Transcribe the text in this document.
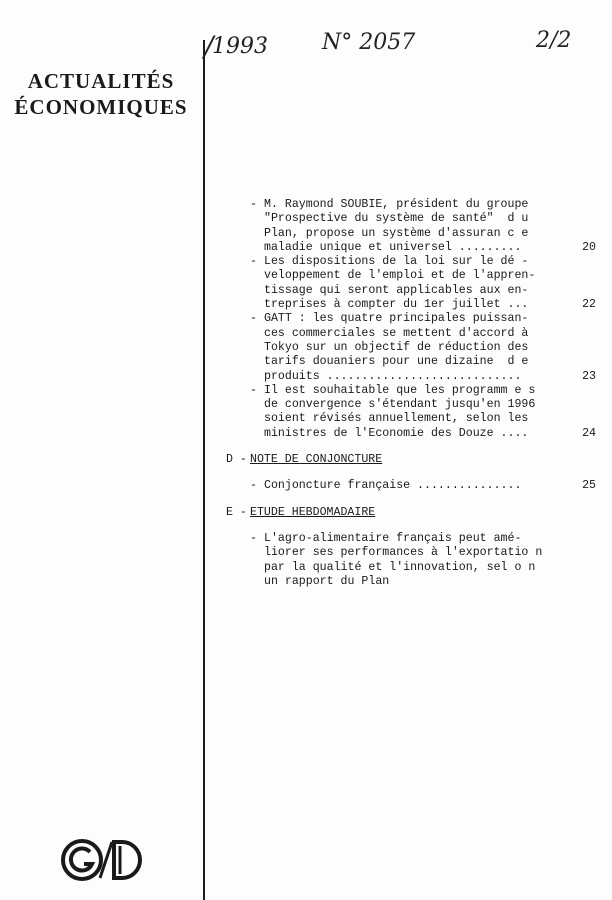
ACTUALITÉS
ÉCONOMIQUES
/
1993 N° 2057	2/2
- M. Raymond SOUBIE, président du groupe
"Prospective du système de santé"  d u
Plan, propose un système d'assuran c e
maladie unique et universel .........	20
- Les dispositions de la loi sur le dé -
veloppement de l'emploi et de l'appren-
tissage qui seront applicables aux en-
treprises à compter du 1er juillet ...	22
- GATT : les quatre principales puissan-
ces commerciales se mettent d'accord à
Tokyo sur un objectif de réduction des
tarifs douaniers pour une dizaine  d e
produits ............................	23
- Il est souhaitable que les programm e s
de convergence s'étendant jusqu'en 1996
soient révisés annuellement, selon les
ministres de l'Economie des Douze ....	24
D - NOTE DE CONJONCTURE
- Conjoncture française ...............	25
E - ETUDE HEBDOMADAIRE
- L'agro-alimentaire français peut amé-
liorer ses performances à l'exportatio n
par la qualité et l'innovation, sel o n
un rapport du Plan
